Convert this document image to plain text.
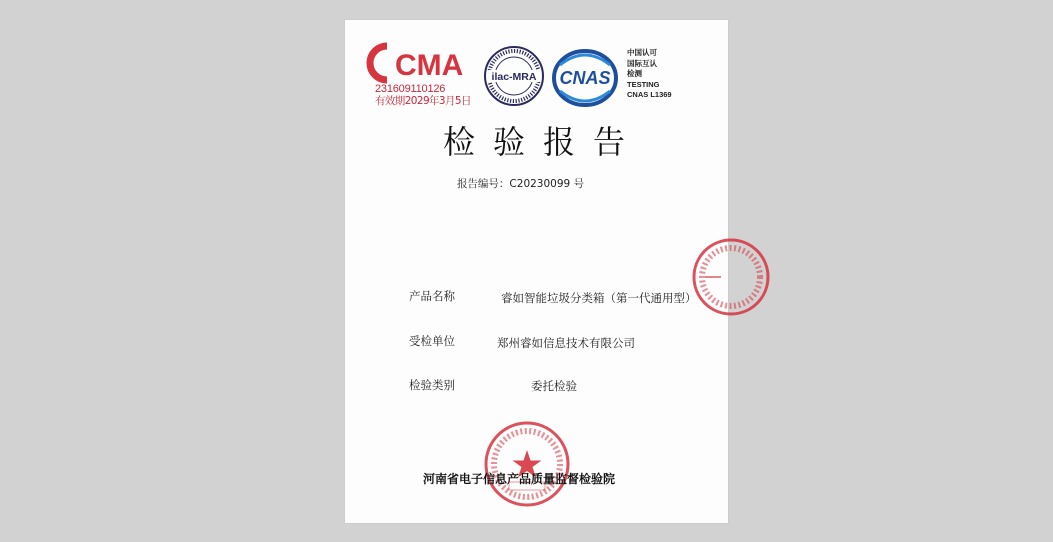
CMA
231609110126
有效期2029年3月5日
ilac-MRA CNAS
中国认可
国际互认
检测
TESTING
CNAS L1369
检验报告
报告编号：C20230099 号
产品名称	睿如智能垃圾分类箱（第一代通用型）
受检单位	郑州睿如信息技术有限公司
检验类别	委托检验
河南省电子信息产品质量监督检验院
